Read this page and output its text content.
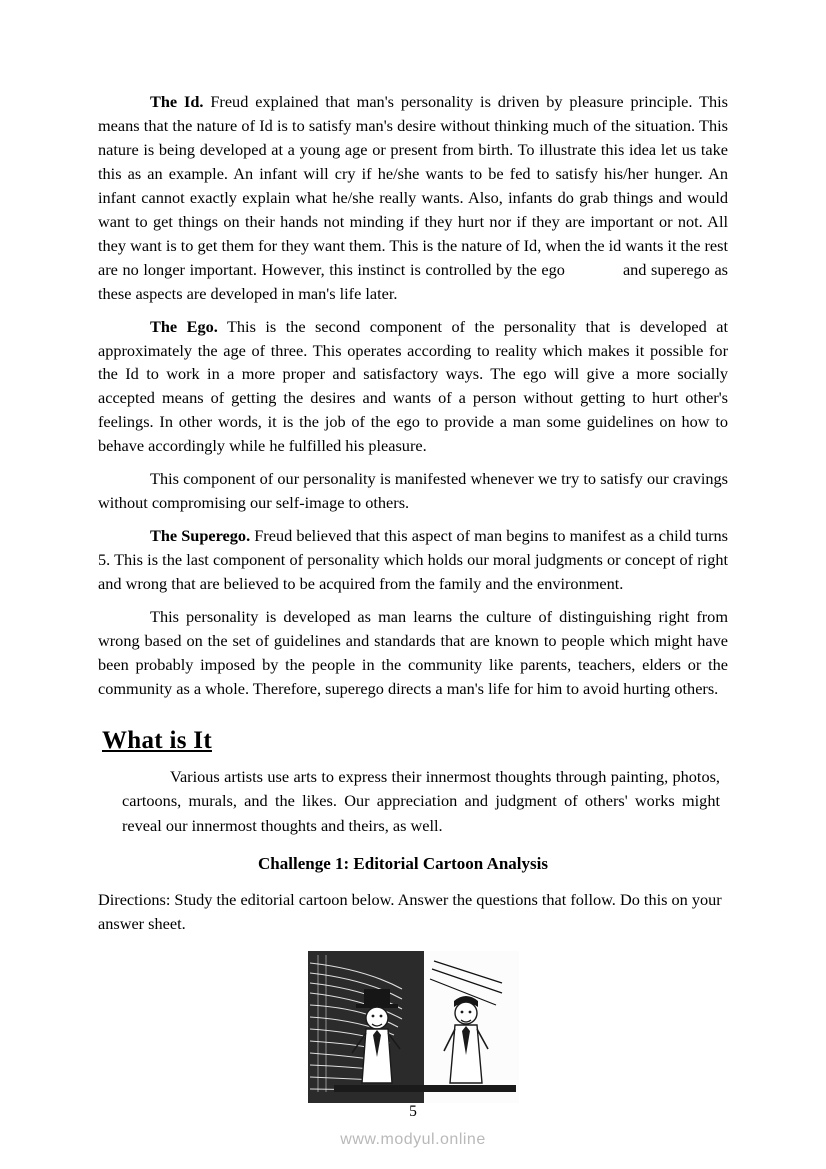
The Id. Freud explained that man's personality is driven by pleasure principle. This means that the nature of Id is to satisfy man's desire without thinking much of the situation. This nature is being developed at a young age or present from birth. To illustrate this idea let us take this as an example. An infant will cry if he/she wants to be fed to satisfy his/her hunger. An infant cannot exactly explain what he/she really wants. Also, infants do grab things and would want to get things on their hands not minding if they hurt nor if they are important or not. All they want is to get them for they want them. This is the nature of Id, when the id wants it the rest are no longer important. However, this instinct is controlled by the ego	and superego as these aspects are developed in man's life later.

The Ego. This is the second component of the personality that is developed at approximately the age of three. This operates according to reality which makes it possible for the Id to work in a more proper and satisfactory ways. The ego will give a more socially accepted means of getting the desires and wants of a person without getting to hurt other's feelings. In other words, it is the job of the ego to provide a man some guidelines on how to behave accordingly while he fulfilled his pleasure.

This component of our personality is manifested whenever we try to satisfy our cravings without compromising our self-image to others.

The Superego. Freud believed that this aspect of man begins to manifest as a child turns 5. This is the last component of personality which holds our moral judgments or concept of right and wrong that are believed to be acquired from the family and the environment.

This personality is developed as man learns the culture of distinguishing right from wrong based on the set of guidelines and standards that are known to people which might have been probably imposed by the people in the community like parents, teachers, elders or the community as a whole. Therefore, superego directs a man's life for him to avoid hurting others.

What is It

Various artists use arts to express their innermost thoughts through painting, photos, cartoons, murals, and the likes. Our appreciation and judgment of others' works might reveal our innermost thoughts and theirs, as well.

Challenge 1: Editorial Cartoon Analysis

Directions: Study the editorial cartoon below. Answer the questions that follow. Do this on your answer sheet.

5
www.modyul.online
